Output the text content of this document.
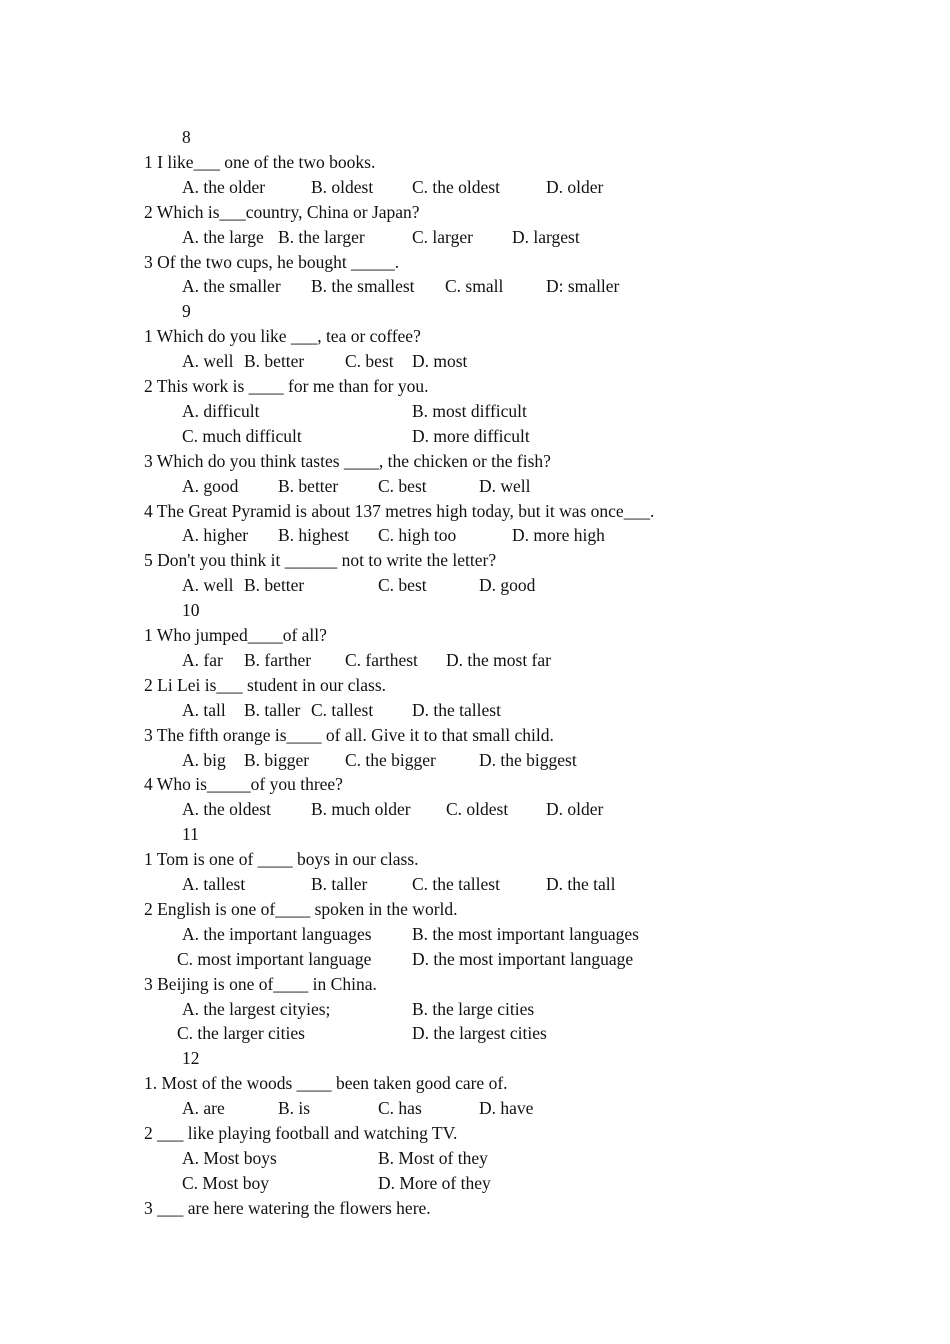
8
1 I like___ one of the two books.
A. the older	B. oldest C. the oldest	D. older
2 Which is___country, China or Japan?
A. the large B. the larger	C. larger D. largest
3 Of the two cups, he bought _____.
A. the smaller B. the smallest C. small D: smaller
9
1 Which do you like ___, tea or coffee?
A. well B. better C. best D. most
2 This work is ____ for me than for you.
A. difficult	B. most difficult
C. much difficult	D. more difficult
3 Which do you think tastes ____, the chicken or the fish?
A. good B. better C. best	D. well
4 The Great Pyramid is about 137 metres high today, but it was once___.
A. higher B. highest C. high too	D. more high
5 Don't you think it ______ not to write the letter?
A. well B. better	C. best	D. good
10
1 Who jumped____of all?
A. far B. farther C. farthest D. the most far
2 Li Lei is___ student in our class.
A. tall B. taller C. tallest D. the tallest
3 The fifth orange is____ of all. Give it to that small child.
A. big B. bigger C. the bigger D. the biggest
4 Who is_____of you three?
A. the oldest B. much older C. oldest D. older
11
1 Tom is one of ____ boys in our class.
A. tallest	B. taller	C. the tallest	D. the tall
2 English is one of____ spoken in the world.
A. the important languages B. the most important languages
C. most important language D. the most important language
3 Beijing is one of____ in China.
A. the largest cityies;	B. the large cities
C. the larger cities	D. the largest cities
12
1. Most of the woods ____ been taken good care of.
A. are	B. is	C. has	D. have
2 ___ like playing football and watching TV.
A. Most boys	B. Most of they
C. Most boy	D. More of they
3 ___ are here watering the flowers here.
